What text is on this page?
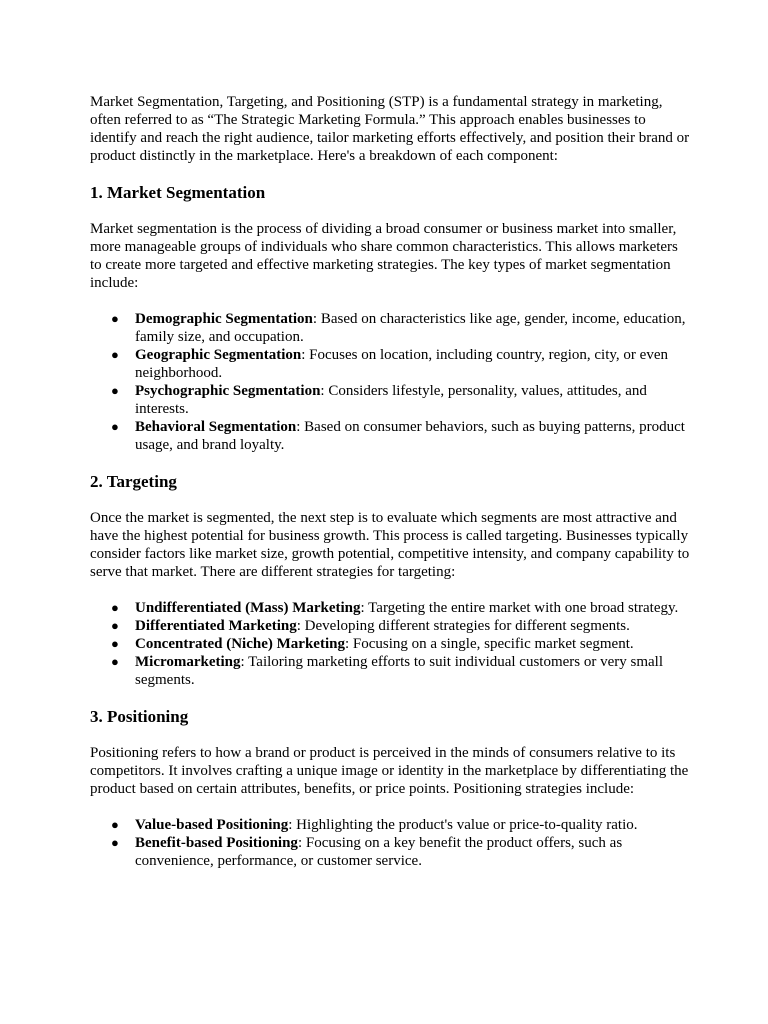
Market Segmentation, Targeting, and Positioning (STP) is a fundamental strategy in marketing, often referred to as “The Strategic Marketing Formula.” This approach enables businesses to identify and reach the right audience, tailor marketing efforts effectively, and position their brand or product distinctly in the marketplace. Here's a breakdown of each component:

1. Market Segmentation

Market segmentation is the process of dividing a broad consumer or business market into smaller, more manageable groups of individuals who share common characteristics. This allows marketers to create more targeted and effective marketing strategies. The key types of market segmentation include:

● Demographic Segmentation: Based on characteristics like age, gender, income, education, family size, and occupation.
● Geographic Segmentation: Focuses on location, including country, region, city, or even neighborhood.
● Psychographic Segmentation: Considers lifestyle, personality, values, attitudes, and interests.
● Behavioral Segmentation: Based on consumer behaviors, such as buying patterns, product usage, and brand loyalty.
2. Targeting

Once the market is segmented, the next step is to evaluate which segments are most attractive and have the highest potential for business growth. This process is called targeting. Businesses typically consider factors like market size, growth potential, competitive intensity, and company capability to serve that market. There are different strategies for targeting:

● Undifferentiated (Mass) Marketing: Targeting the entire market with one broad strategy.
● Differentiated Marketing: Developing different strategies for different segments.
● Concentrated (Niche) Marketing: Focusing on a single, specific market segment.
● Micromarketing: Tailoring marketing efforts to suit individual customers or very small segments.
3. Positioning

Positioning refers to how a brand or product is perceived in the minds of consumers relative to its competitors. It involves crafting a unique image or identity in the marketplace by differentiating the product based on certain attributes, benefits, or price points. Positioning strategies include:

● Value-based Positioning: Highlighting the product's value or price-to-quality ratio.
● Benefit-based Positioning: Focusing on a key benefit the product offers, such as convenience, performance, or customer service.
